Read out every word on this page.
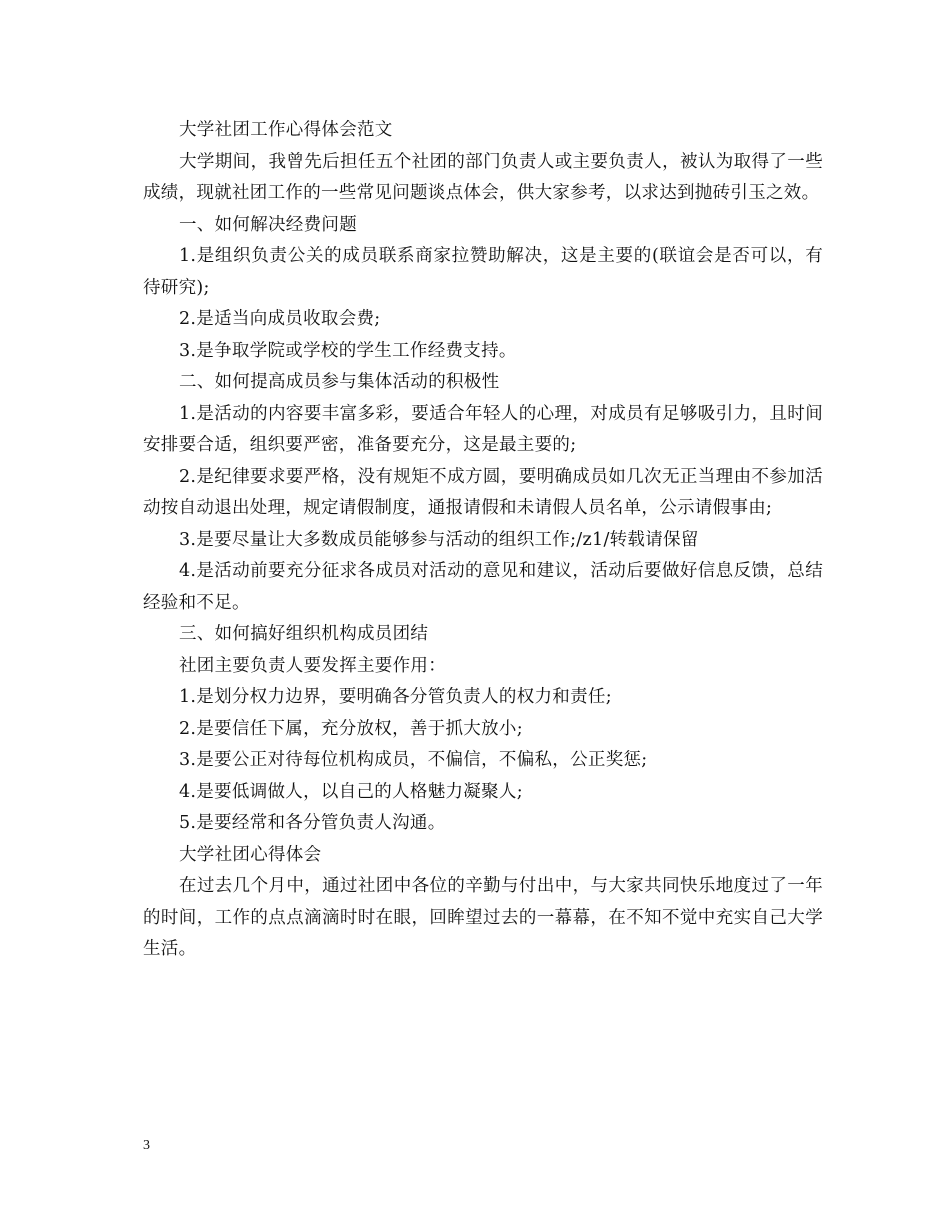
大学社团工作心得体会范文

大学期间，我曾先后担任五个社团的部门负责人或主要负责人，被认为取得了一些成绩，现就社团工作的一些常见问题谈点体会，供大家参考，以求达到抛砖引玉之效。

一、如何解决经费问题

1.是组织负责公关的成员联系商家拉赞助解决，这是主要的(联谊会是否可以，有待研究);

2.是适当向成员收取会费;

3.是争取学院或学校的学生工作经费支持。

二、如何提高成员参与集体活动的积极性

1.是活动的内容要丰富多彩，要适合年轻人的心理，对成员有足够吸引力，且时间安排要合适，组织要严密，准备要充分，这是最主要的;

2.是纪律要求要严格，没有规矩不成方圆，要明确成员如几次无正当理由不参加活动按自动退出处理，规定请假制度，通报请假和未请假人员名单，公示请假事由;

3.是要尽量让大多数成员能够参与活动的组织工作;/z1/转载请保留

4.是活动前要充分征求各成员对活动的意见和建议，活动后要做好信息反馈，总结经验和不足。

三、如何搞好组织机构成员团结

社团主要负责人要发挥主要作用：

1.是划分权力边界，要明确各分管负责人的权力和责任;

2.是要信任下属，充分放权，善于抓大放小;

3.是要公正对待每位机构成员，不偏信，不偏私，公正奖惩;

4.是要低调做人，以自己的人格魅力凝聚人;

5.是要经常和各分管负责人沟通。

大学社团心得体会

在过去几个月中，通过社团中各位的辛勤与付出中，与大家共同快乐地度过了一年的时间，工作的点点滴滴时时在眼，回眸望过去的一幕幕，在不知不觉中充实自己大学生活。

3
